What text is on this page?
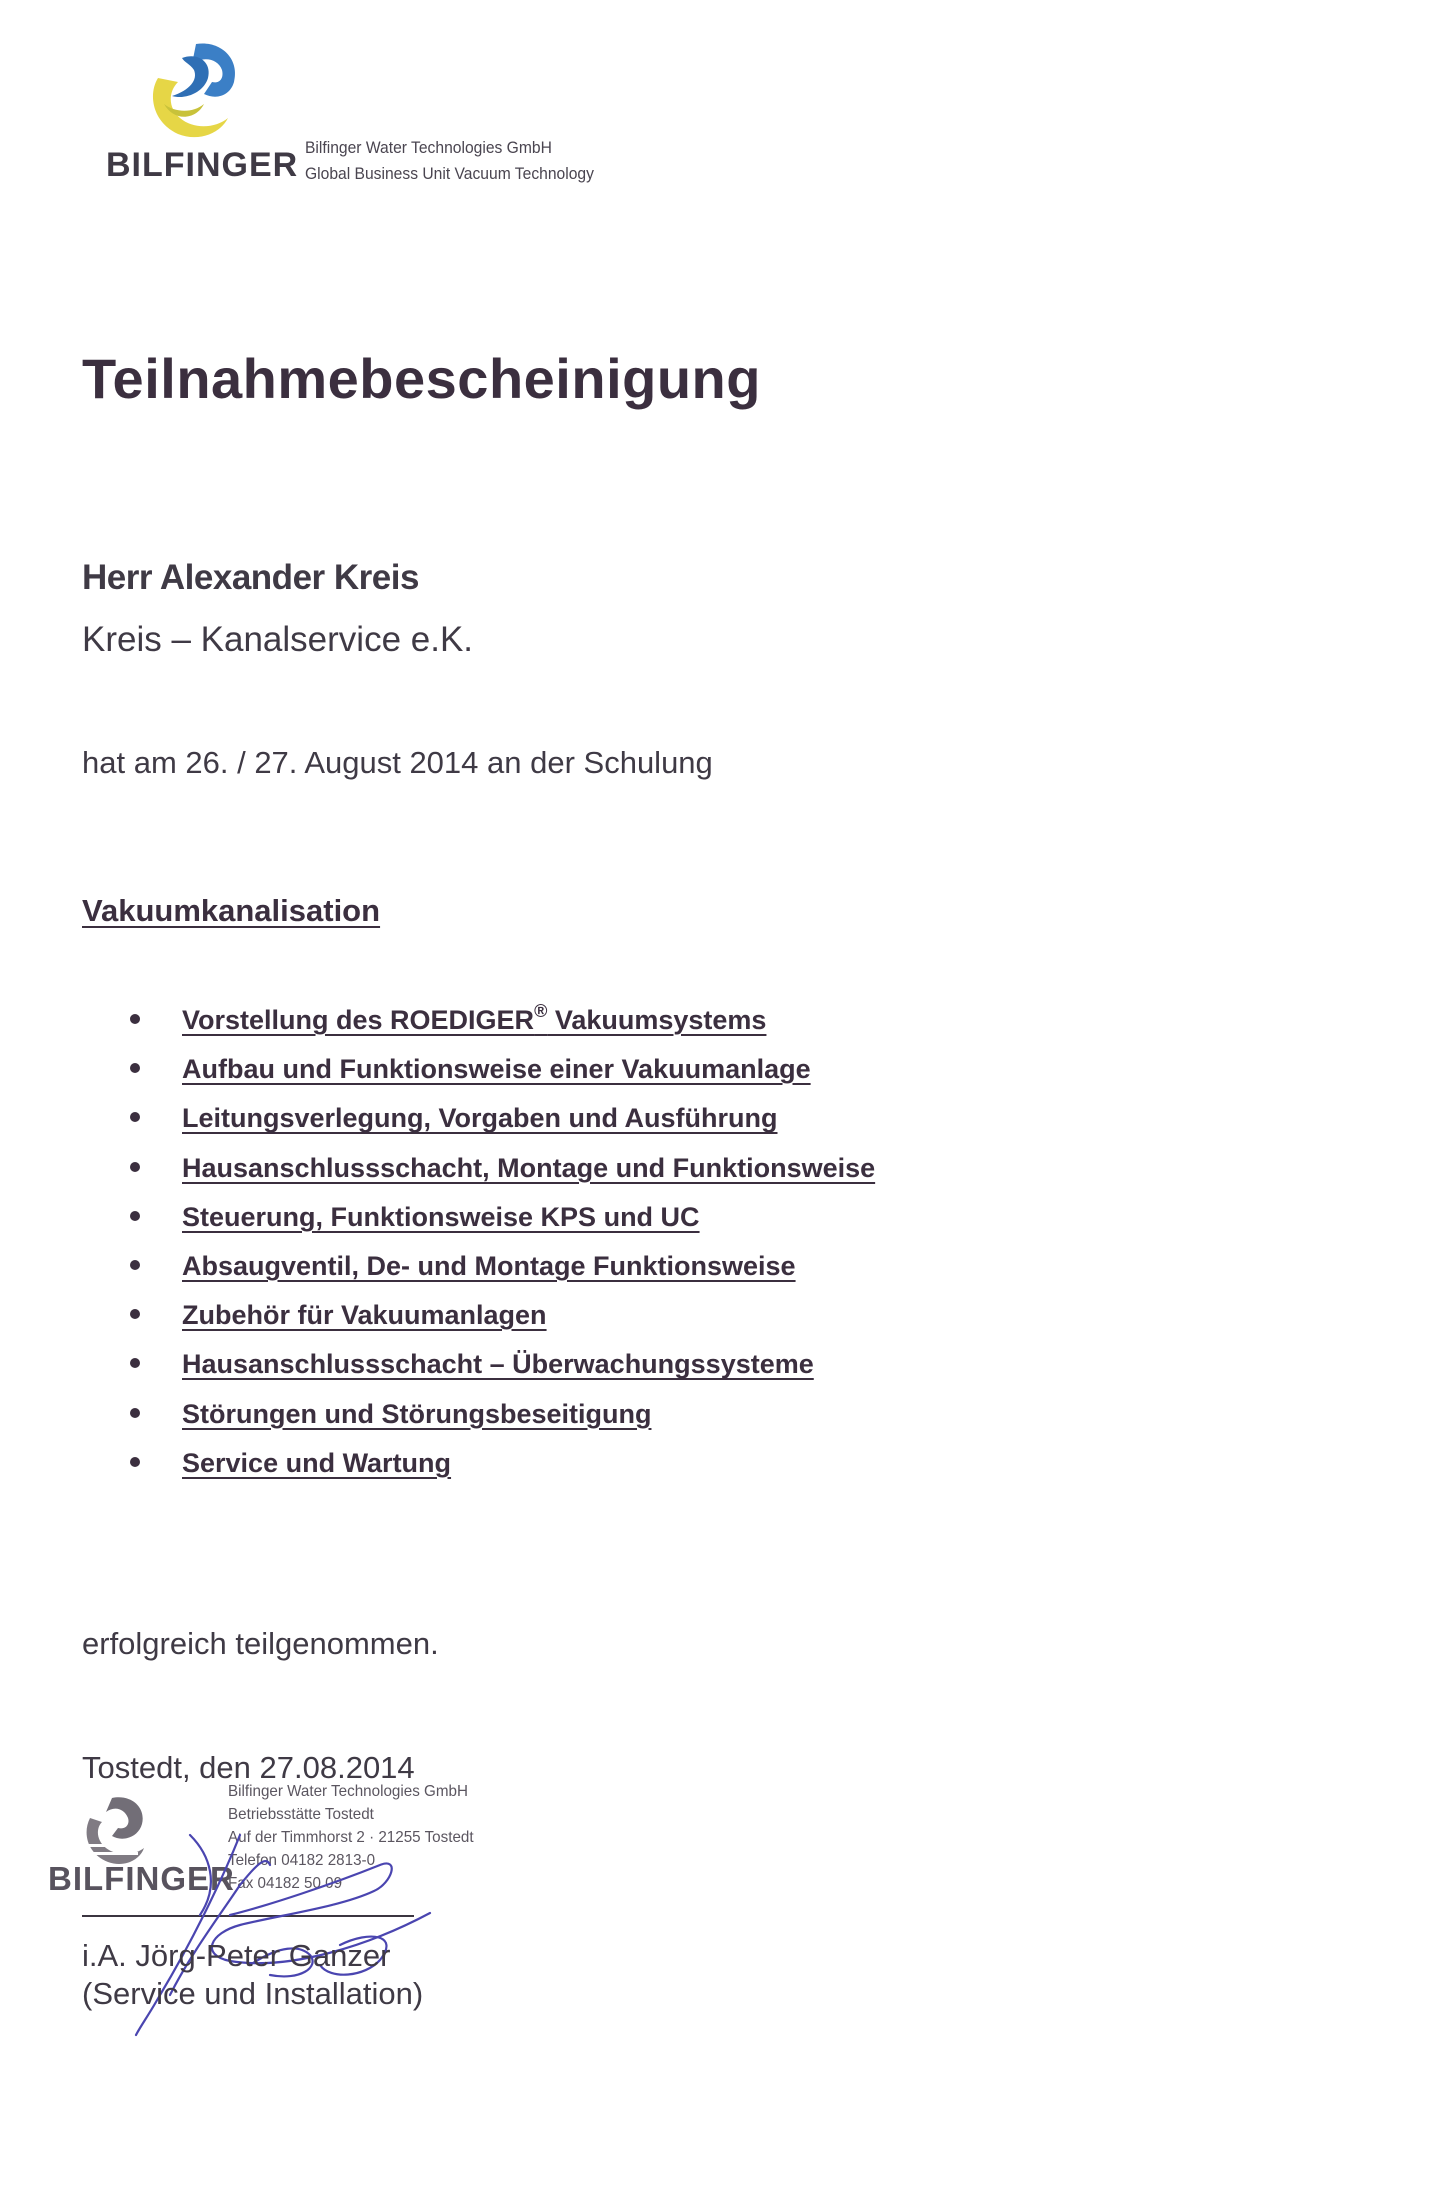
BILFINGER Bilfinger Water Technologies GmbH
Global Business Unit Vacuum Technology
Teilnahmebescheinigung
Herr Alexander Kreis
Kreis – Kanalservice e.K.
hat am 26. / 27. August 2014 an der Schulung
Vakuumkanalisation
Vorstellung des ROEDIGER® Vakuumsystems
Aufbau und Funktionsweise einer Vakuumanlage
Leitungsverlegung, Vorgaben und Ausführung
Hausanschlussschacht, Montage und Funktionsweise
Steuerung, Funktionsweise KPS und UC
Absaugventil, De- und Montage Funktionsweise
Zubehör für Vakuumanlagen
Hausanschlussschacht – Überwachungssysteme
Störungen und Störungsbeseitigung
Service und Wartung
erfolgreich teilgenommen.
Tostedt, den 27.08.2014
BILFINGER
Bilfinger Water Technologies GmbH
Betriebsstätte Tostedt
Auf der Timmhorst 2 · 21255 Tostedt
Telefon 04182 2813-0
Fax 04182 50 09
i.A. Jörg-Peter Ganzer
(Service und Installation)
